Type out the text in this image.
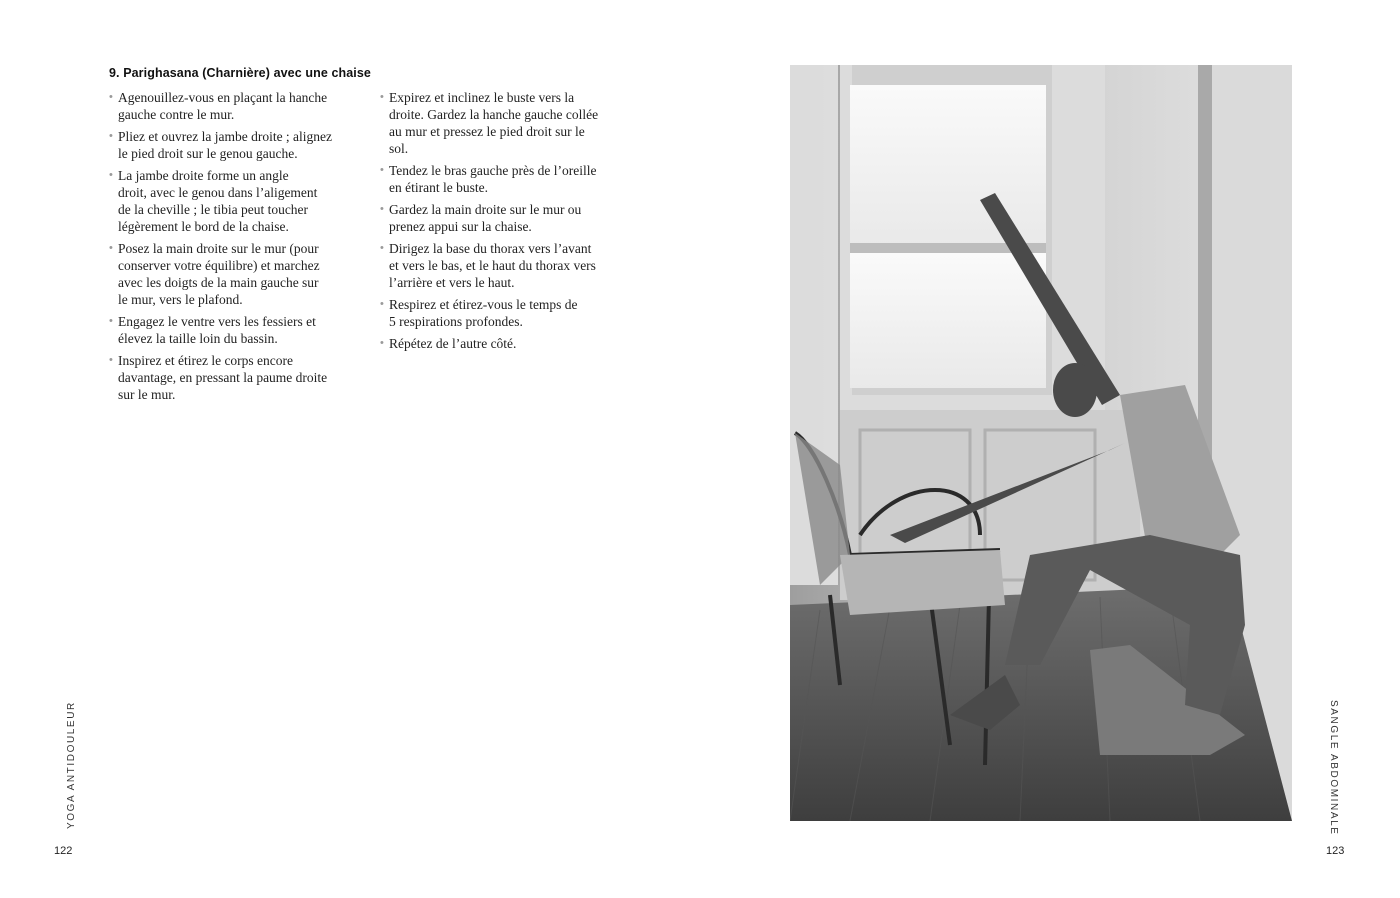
9. Parighasana (Charnière) avec une chaise
• Agenouillez-vous en plaçant la hanche
gauche contre le mur.
• Pliez et ouvrez la jambe droite ; alignez
le pied droit sur le genou gauche.
• La jambe droite forme un angle
droit, avec le genou dans l’aligement
de la cheville ; le tibia peut toucher
légèrement le bord de la chaise.
• Posez la main droite sur le mur (pour
conserver votre équilibre) et marchez
avec les doigts de la main gauche sur
le mur, vers le plafond.
• Engagez le ventre vers les fessiers et
élevez la taille loin du bassin.
• Inspirez et étirez le corps encore
davantage, en pressant la paume droite
sur le mur.
• Expirez et inclinez le buste vers la
droite. Gardez la hanche gauche collée
au mur et pressez le pied droit sur le
sol.
• Tendez le bras gauche près de l’oreille
en étirant le buste.
• Gardez la main droite sur le mur ou
prenez appui sur la chaise.
• Dirigez la base du thorax vers l’avant
et vers le bas, et le haut du thorax vers
l’arrière et vers le haut.
• Respirez et étirez-vous le temps de
5 respirations profondes.
• Répétez de l’autre côté.
YOGA ANTIDOULEUR
122
SANGLE ABDOMINALE
123
